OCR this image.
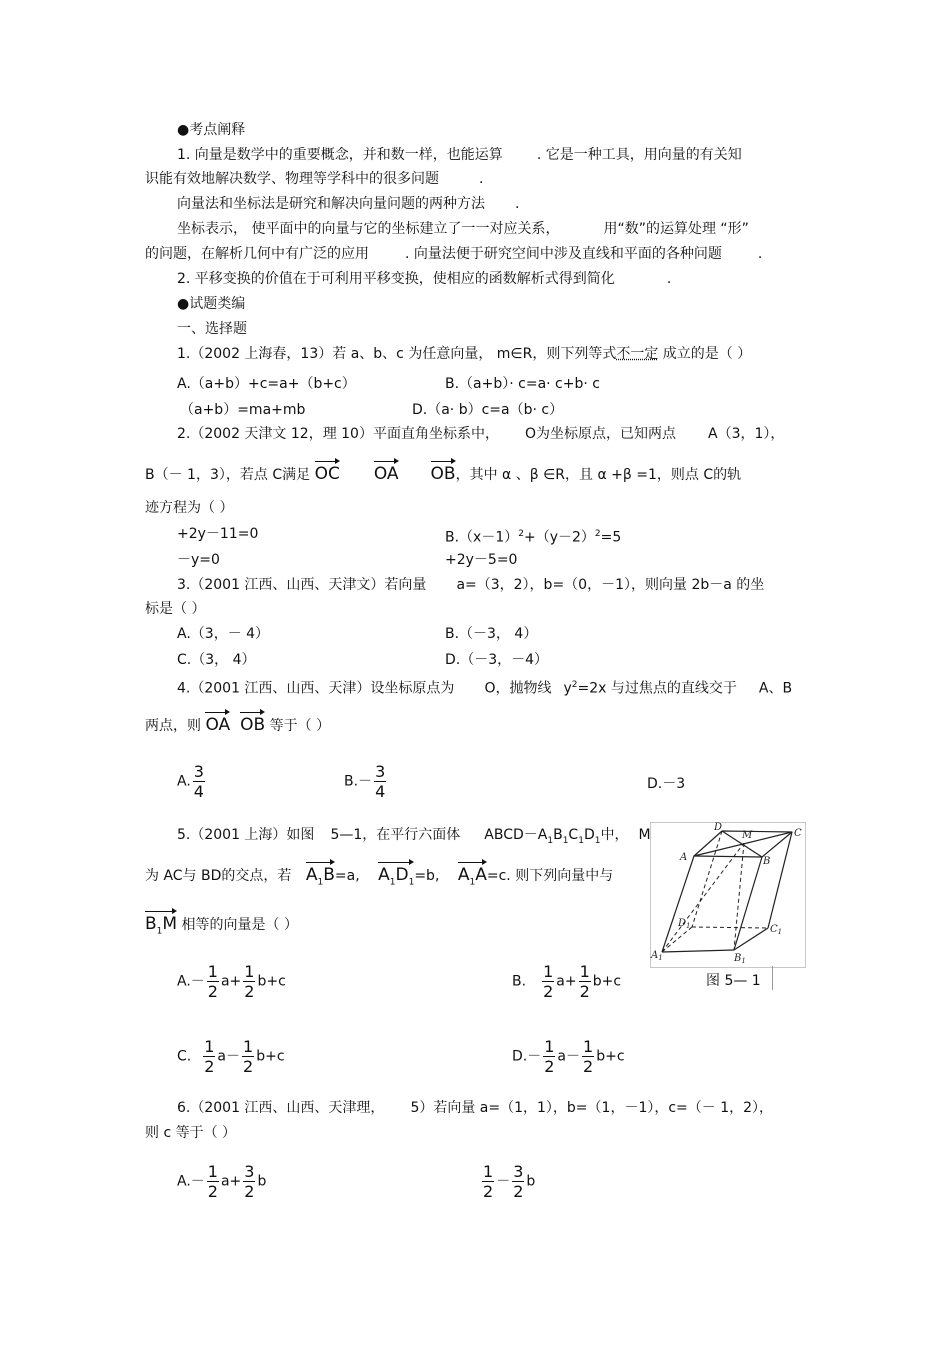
●考点阐释
1. 向量是数学中的重要概念，并和数一样，也能运算 . 它是一种工具，用向量的有关知
识能有效地解决数学、物理等学科中的很多问题	.
向量法和坐标法是研究和解决向量问题的两种方法 .
坐标表示， 使平面中的向量与它的坐标建立了一一对应关系，	用“数”的运算处理 “形”
的问题，在解析几何中有广泛的应用	. 向量法便于研究空间中涉及直线和平面的各种问题	.
2. 平移变换的价值在于可利用平移变换，使相应的函数解析式得到简化	.
●试题类编
一、选择题
1.（2002 上海春，13）若 a、b、c 为任意向量， m∈R，则下列等式不一定 成立的是（ ）
A.（a+b）+c=a+（b+c）	B.（a+b）· c=a· c+b· c
（a+b）=ma+mb	D.（a· b）c=a（b· c）
2.（2002 天津文 12，理 10）平面直角坐标系中， O为坐标原点，已知两点 A（3，1），
B（－ 1，3），若点 C满足 OC OA OB，其中 α 、β ∈R，且 α +β =1，则点 C的轨
迹方程为（ ）
+2y－11=0	$B.(x-1)^2+(y-2)^2=5$
－y=0	+2y－5=0
3.（2001 江西、山西、天津文）若向量 a=（3，2），b=（0，－1），则向量 2b－a 的坐
标是（ ）
A.（3，－ 4）	B.（－3， 4）
C.（3， 4）	D.（－3，－4）
4.（2001 江西、山西、天津）设坐标原点为 O，抛物线 $y^2=2x$ 与过焦点的直线交于 A、B
两点，则 OA OB 等于（ ）
A. $\frac{3}{4}$	$B.- \frac{3}{4}$	D.－3
5.（2001 上海）如图 5—1，在平行六面体 $ABCD-A_1B_1C_1D_1$中， M
为 AC与 BD的交点，若 $A_1B=a$, $A_1D_1=b$, $A_1A=c$. 则下列向量中与
$B_1M$ 相等的向量是（ ）
$A.- \frac{1}{2} a+ \frac{1}{2} b+c$	B. $\frac{1}{2} a+ \frac{1}{2} b+c$
C. $\frac{1}{2} a- \frac{1}{2} b+c$	$D.- \frac{1}{2} a- \frac{1}{2} b+c$
D
M	C
A	B
$D_1$	$C_1$
$A_1$	$B_1$
图 5— 1
6.（2001 江西、山西、天津理， 5）若向量 a=（1，1），b=（1，－1），c=（－ 1，2），
则 c 等于（ ）
$A.- \frac{1}{2} a+ \frac{3}{2}$ b	$\frac{1}{2} - \frac{3}{2}$ b
